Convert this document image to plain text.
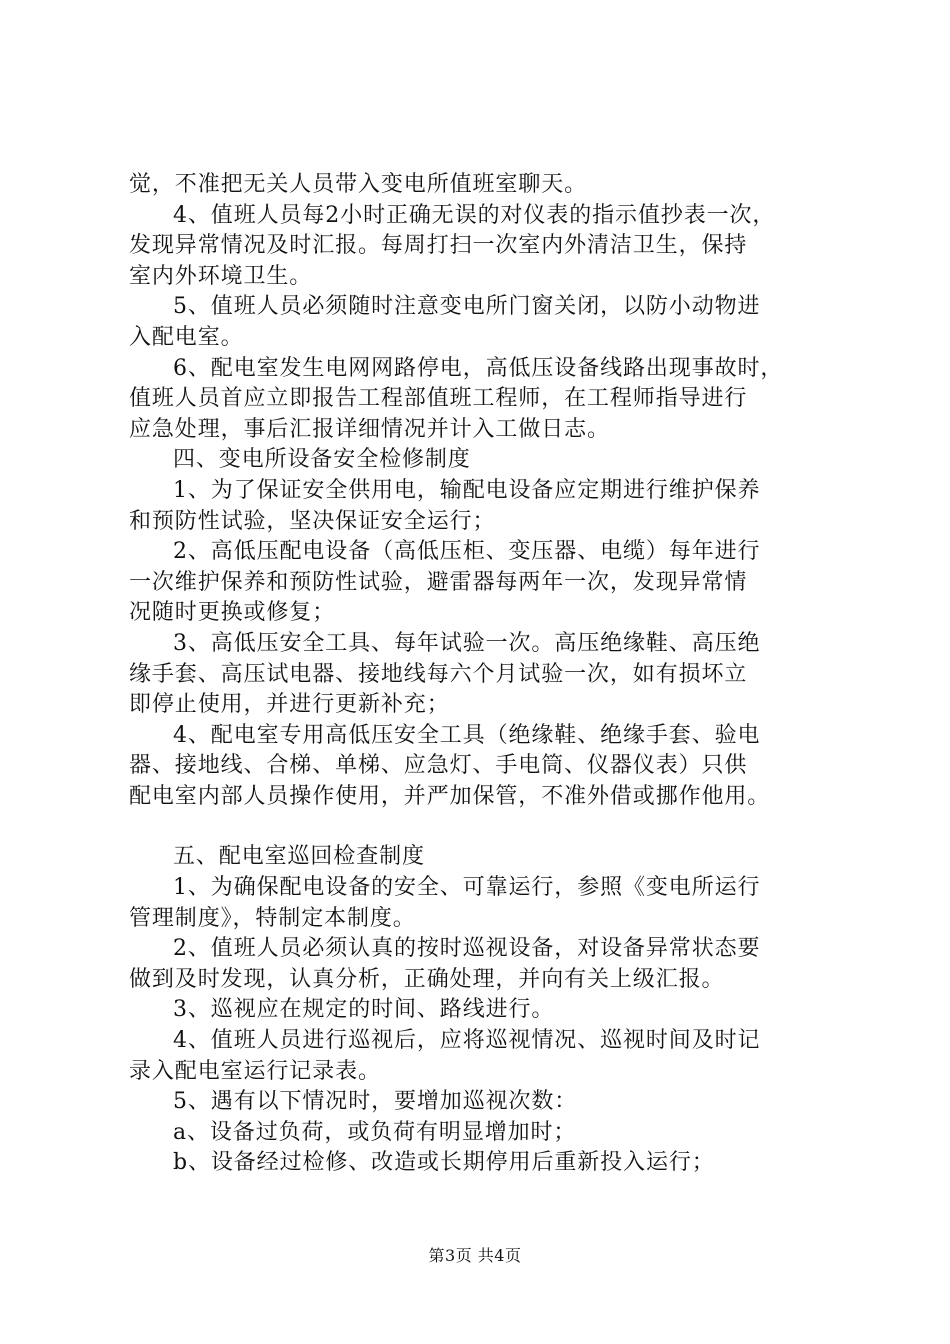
觉，不准把无关人员带入变电所值班室聊天。
4、值班人员每2小时正确无误的对仪表的指示值抄表一次，
发现异常情况及时汇报。每周打扫一次室内外清洁卫生，保持
室内外环境卫生。
5、值班人员必须随时注意变电所门窗关闭，以防小动物进
入配电室。
6、配电室发生电网网路停电，高低压设备线路出现事故时，
值班人员首应立即报告工程部值班工程师，在工程师指导进行
应急处理，事后汇报详细情况并计入工做日志。
四、变电所设备安全检修制度
1、为了保证安全供用电，输配电设备应定期进行维护保养
和预防性试验，坚决保证安全运行；
2、高低压配电设备（高低压柜、变压器、电缆）每年进行
一次维护保养和预防性试验，避雷器每两年一次，发现异常情
况随时更换或修复；
3、高低压安全工具、每年试验一次。高压绝缘鞋、高压绝
缘手套、高压试电器、接地线每六个月试验一次，如有损坏立
即停止使用，并进行更新补充；
4、配电室专用高低压安全工具（绝缘鞋、绝缘手套、验电
器、接地线、合梯、单梯、应急灯、手电筒、仪器仪表）只供
配电室内部人员操作使用，并严加保管，不准外借或挪作他用。
五、配电室巡回检查制度
1、为确保配电设备的安全、可靠运行，参照《变电所运行
管理制度》，特制定本制度。
2、值班人员必须认真的按时巡视设备，对设备异常状态要
做到及时发现，认真分析，正确处理，并向有关上级汇报。
3、巡视应在规定的时间、路线进行。
4、值班人员进行巡视后，应将巡视情况、巡视时间及时记
录入配电室运行记录表。
5、遇有以下情况时，要增加巡视次数：
a、设备过负荷，或负荷有明显增加时；
b、设备经过检修、改造或长期停用后重新投入运行；
第3页 共4页
